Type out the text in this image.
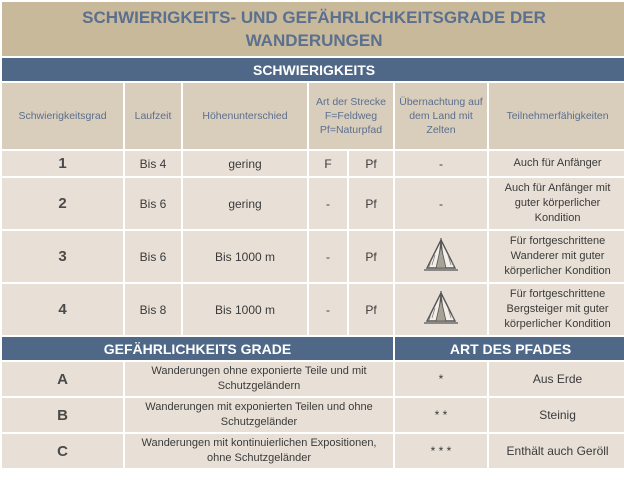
SCHWIERIGKEITS- UND GEFÄHRLICHKEITSGRADE DER WANDERUNGEN						
SCHWIERIGKEITS						
Schwierigkeitsgrad	Laufzeit	Höhenunterschied	Art der Strecke F=Feldweg Pf=Naturpfad		Übernachtung auf dem Land mit Zelten	Teilnehmerfähigkeiten
1	Bis 4	gering	F	Pf	-	Auch für Anfänger
2	Bis 6	gering	-	Pf	-	Auch für Anfänger mit guter körperlicher Kondition
3	Bis 6	Bis 1000 m	-	Pf		Für fortgeschrittene Wanderer mit guter körperlicher Kondition
4	Bis 8	Bis 1000 m	-	Pf		Für fortgeschrittene Bergsteiger mit guter körperlicher Kondition
GEFÄHRLICHKEITS GRADE					ART DES PFADES	
A	Wanderungen ohne exponierte Teile und mit Schutzgeländern				*	Aus Erde
B	Wanderungen mit exponierten Teilen und ohne Schutzgeländer				* *	Steinig
C	Wanderungen mit kontinuierlichen Expositionen, ohne Schutzgeländer				* * *	Enthält auch Geröll
